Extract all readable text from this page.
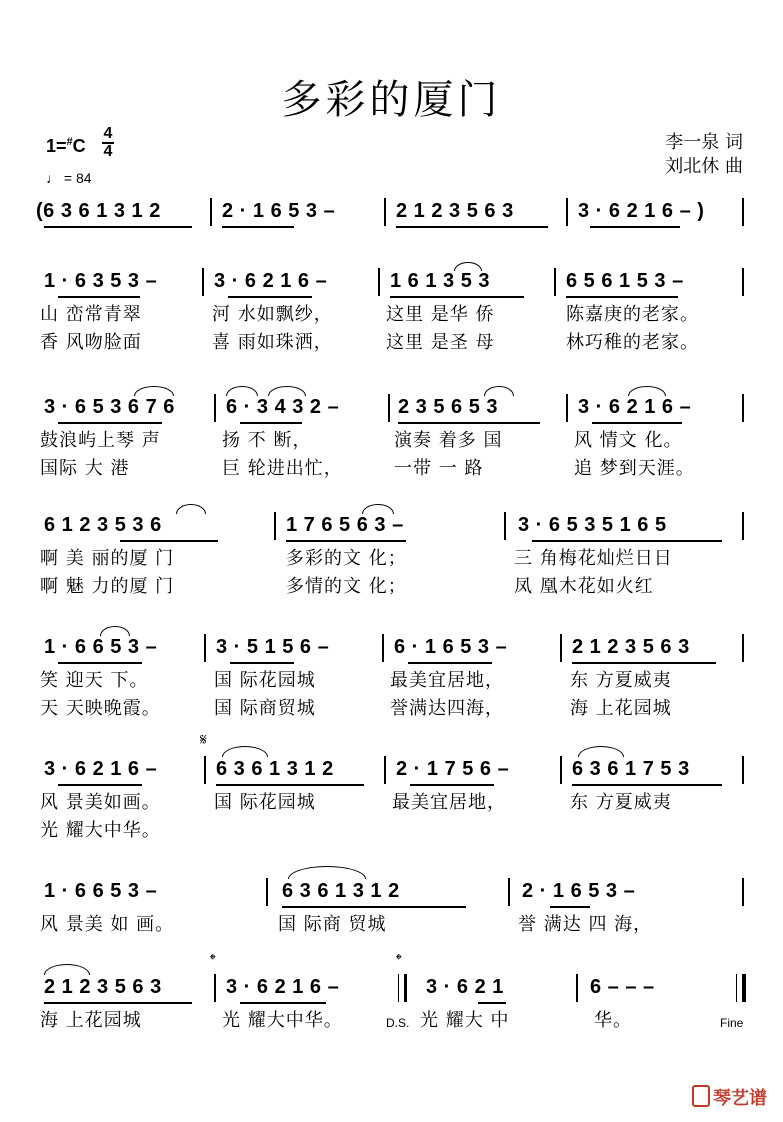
多彩的厦门
李一泉 词
刘北休 曲
1=#C
4
4
♩ = 84
(6 3 6 1 3 1 2	2 · 1 6 5 3 –	2 1 2 3 5 6 3	3 · 6 2 1 6 – )
1 · 6 3 5 3 –	3 · 6 2 1 6 –	1 6 1 3 5 3	6 5 6 1 5 3 –
山 峦常青翠	河 水如飘纱，	这里 是华 侨	陈嘉庚的老家。
香 风吻脸面	喜 雨如珠洒，	这里 是圣 母	林巧稚的老家。
3 · 6 5 3 6 7 6	6 · 3 4 3 2 –	2 3 5 6 5 3	3 · 6 2 1 6 –
鼓浪屿上琴 声	扬 不 断，	演奏 着多 国	风 情文 化。
国际 大 港	巨 轮进出忙，	一带 一 路	追 梦到天涯。
6 1 2 3 5 3 6	1 7 6 5 6 3 –	3 · 6 5 3 5 1 6 5
啊 美 丽的厦 门	多彩的文 化；	三 角梅花灿烂日日
啊 魅 力的厦 门	多情的文 化；	凤 凰木花如火红
1 · 6 6 5 3 –	3 · 5 1 5 6 –	6 · 1 6 5 3 –	2 1 2 3 5 6 3
笑 迎天 下。	国 际花园城	最美宜居地，	东 方夏威夷
天 天映晚霞。	国 际商贸城	誉满达四海，	海 上花园城
𝄋
3 · 6 2 1 6 –	6 3 6 1 3 1 2	2 · 1 7 5 6 –	6 3 6 1 7 5 3
风 景美如画。	国 际花园城	最美宜居地，	东 方夏威夷
光 耀大中华。
1 · 6 6 5 3 –	6 3 6 1 3 1 2	2 · 1 6 5 3 –
风 景美 如 画。	国 际商 贸城	誉 满达 四 海，
𝄌	𝄌
2 1 2 3 5 6 3	3 · 6 2 1 6 –	3 · 6 2 1	6 – – –
海 上花园城	光 耀大中华。	D.S. 光 耀大 中	华。	Fine
琴艺谱
